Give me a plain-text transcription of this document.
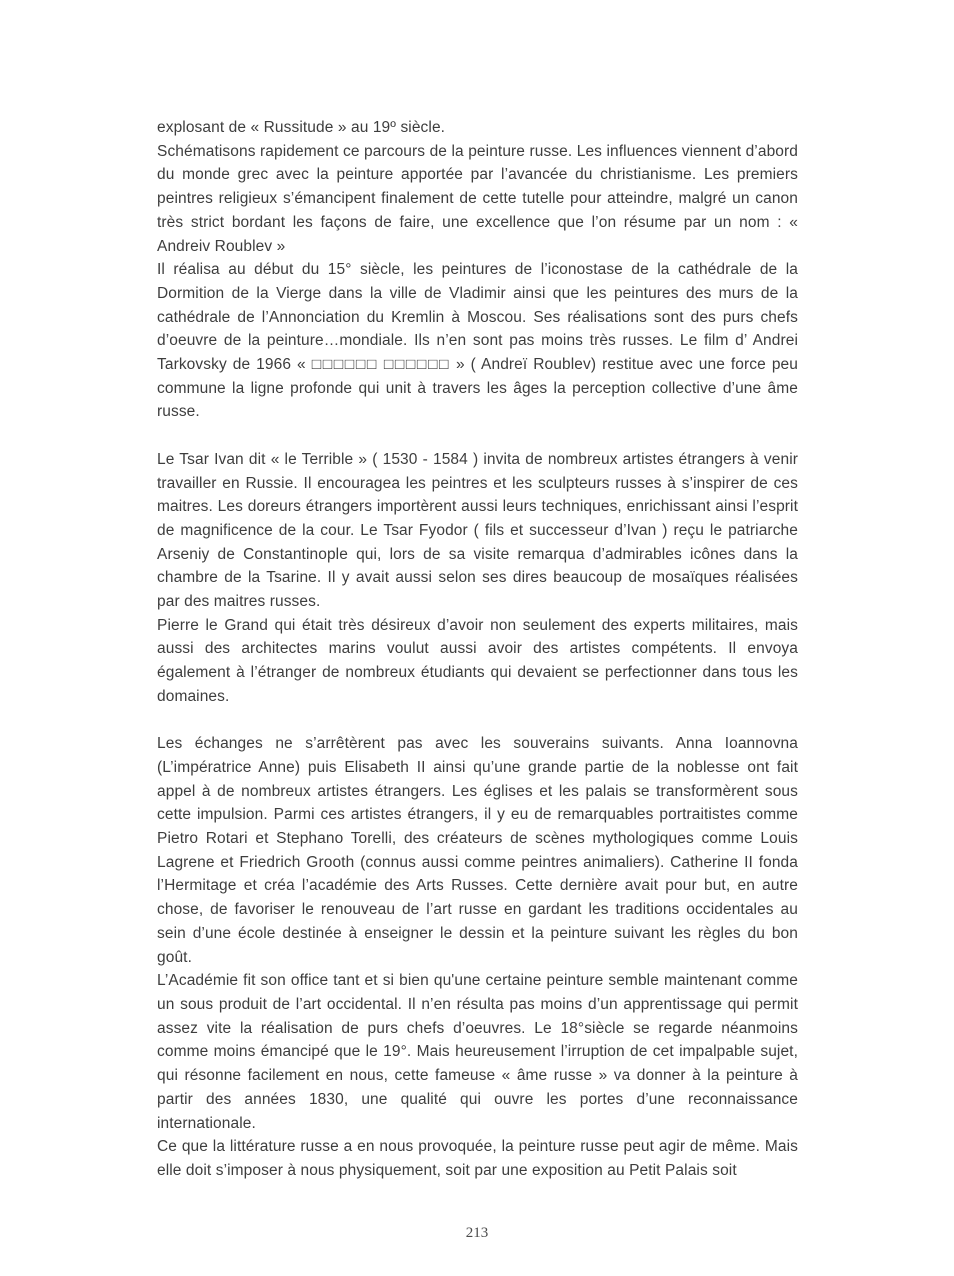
explosant de « Russitude » au 19º siècle.

Schématisons rapidement ce parcours de la peinture russe. Les influences viennent d’abord du monde grec avec la peinture apportée par l’avancée du christianisme. Les premiers peintres religieux s’émancipent finalement de cette tutelle pour atteindre, malgré un canon très strict bordant les façons de faire, une excellence que l’on résume par un nom : « Andreiv Roublev »

Il réalisa au début du 15° siècle, les peintures de l’iconostase de la cathédrale de la Dormition de la Vierge dans la ville de Vladimir ainsi que les peintures des murs de la cathédrale de l’Annonciation du Kremlin à Moscou. Ses réalisations sont des purs chefs d’oeuvre de la peinture…mondiale. Ils n’en sont pas moins très russes. Le film d’ Andrei Tarkovsky de 1966 « □□□□□□ □□□□□□ » ( Andreï Roublev) restitue avec une force peu commune la ligne profonde qui unit à travers les âges la perception collective d’une âme russe.

Le Tsar Ivan dit « le Terrible » ( 1530 - 1584 ) invita de nombreux artistes étrangers à venir travailler en Russie. Il encouragea les peintres et les sculpteurs russes à s’inspirer de ces maitres. Les doreurs étrangers importèrent aussi leurs techniques, enrichissant ainsi l’esprit de magnificence de la cour. Le Tsar Fyodor ( fils et successeur d’Ivan ) reçu le patriarche Arseniy de Constantinople qui, lors de sa visite remarqua d’admirables icônes dans la chambre de la Tsarine. Il y avait aussi selon ses dires beaucoup de mosaïques réalisées par des maitres russes.

Pierre le Grand qui était très désireux d’avoir non seulement des experts militaires, mais aussi des architectes marins voulut aussi avoir des artistes compétents. Il envoya également à l’étranger de nombreux étudiants qui devaient se perfectionner dans tous les domaines.

Les échanges ne s’arrêtèrent pas avec les souverains suivants. Anna Ioannovna (L’impératrice Anne) puis Elisabeth II ainsi qu’une grande partie de la noblesse ont fait appel à de nombreux artistes étrangers. Les églises et les palais se transformèrent sous cette impulsion. Parmi ces artistes étrangers, il y eu de remarquables portraitistes comme Pietro Rotari et Stephano Torelli, des créateurs de scènes mythologiques comme Louis Lagrene et Friedrich Grooth (connus aussi comme peintres animaliers). Catherine II fonda l’Hermitage et créa l’académie des Arts Russes. Cette dernière avait pour but, en autre chose, de favoriser le renouveau de l’art russe en gardant les traditions occidentales au sein d’une école destinée à enseigner le dessin et la peinture suivant les règles du bon goût.

L’Académie fit son office tant et si bien qu'une certaine peinture semble maintenant comme un sous produit de l’art occidental. Il n’en résulta pas moins d’un apprentissage qui permit assez vite la réalisation de purs chefs d’oeuvres. Le 18°siècle se regarde néanmoins comme moins émancipé que le 19°. Mais heureusement l’irruption de cet impalpable sujet, qui résonne facilement en nous, cette fameuse « âme russe » va donner à la peinture à partir des années 1830, une qualité qui ouvre les portes d’une reconnaissance internationale.

Ce que la littérature russe a en nous provoquée, la peinture russe peut agir de même. Mais elle doit s’imposer à nous physiquement, soit par une exposition au Petit Palais soit

213
